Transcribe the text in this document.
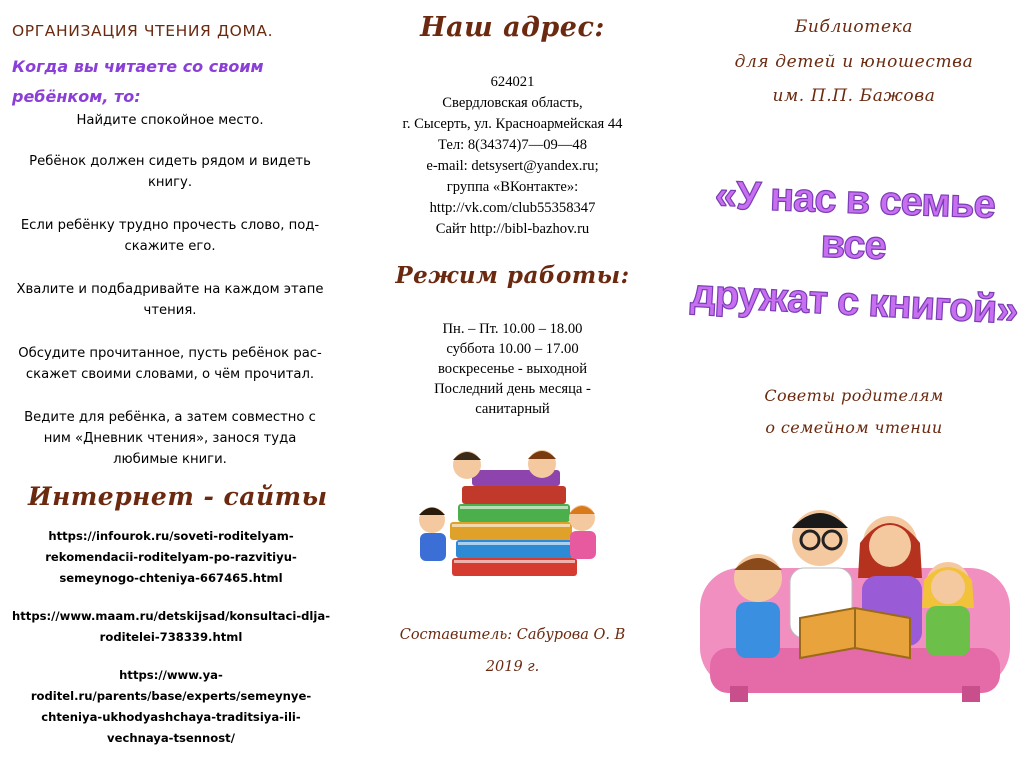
ОРГАНИЗАЦИЯ ЧТЕНИЯ ДОМА.
Когда вы читаете со своим ребёнком, то:

Найдите спокойное место.

Ребёнок должен сидеть рядом и видеть книгу.

Если ребёнку трудно прочесть слово, под-скажите его.

Хвалите и подбадривайте на каждом этапе чтения.

Обсудите прочитанное, пусть ребёнок рас-скажет своими словами, о чём прочитал.

Ведите для ребёнка, а затем совместно с ним «Дневник чтения», занося туда любимые книги.

Интернет - сайты

https://infourok.ru/soveti-roditelyam-rekomendacii-roditelyam-po-razvitiyu-semeynogo-chteniya-667465.html

https://www.maam.ru/detskijsad/konsultaci-dlja-roditelei-738339.html

https://www.ya-roditel.ru/parents/base/experts/semeynye-chteniya-ukhodyashchaya-traditsiya-ili-vechnaya-tsennost/

Наш адрес:
624021
Свердловская область,
г. Сысерть, ул. Красноармейская 44
Тел: 8(34374)7—09—48
e-mail: detsysert@yandex.ru;
группа «ВКонтакте»:
http://vk.com/club55358347
Сайт http://bibl-bazhov.ru
Режим работы:
Пн. – Пт. 10.00 – 18.00
суббота 10.00 – 17.00
воскресенье - выходной
Последний день месяца -
санитарный
Составитель: Сабурова О. В
2019 г.
Библиотека
для детей и юношества
им. П.П. Бажова
«У нас в семье все
дружат с книгой»
Советы родителям
о семейном чтении
